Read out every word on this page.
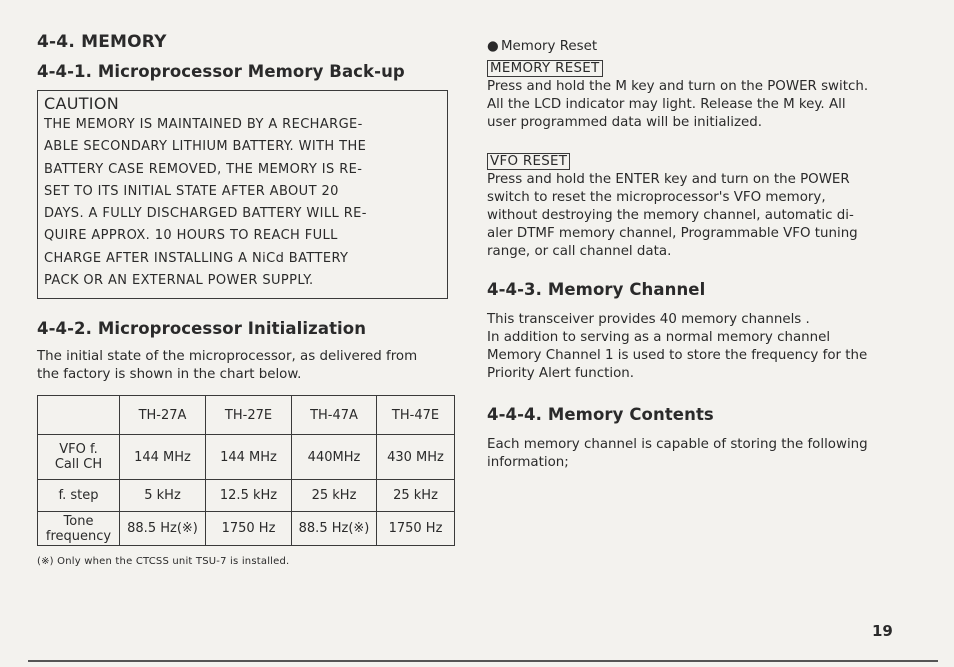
4-4. MEMORY
4-4-1. Microprocessor Memory Back-up
CAUTION
THE MEMORY IS MAINTAINED BY A RECHARGE-
ABLE SECONDARY LITHIUM BATTERY. WITH THE
BATTERY CASE REMOVED, THE MEMORY IS RE-
SET TO ITS INITIAL STATE AFTER ABOUT 20
DAYS. A FULLY DISCHARGED BATTERY WILL RE-
QUIRE APPROX. 10 HOURS TO REACH FULL
CHARGE AFTER INSTALLING A NiCd BATTERY
PACK OR AN EXTERNAL POWER SUPPLY.
4-4-2. Microprocessor Initialization
The initial state of the microprocessor, as delivered from
the factory is shown in the chart below.
	TH-27A	TH-27E	TH-47A	TH-47E
VFO f.
Call CH	144 MHz	144 MHz	440MHz	430 MHz
f. step	5 kHz	12.5 kHz	25 kHz	25 kHz
Tone
frequency	88.5 Hz(※)	1750 Hz	88.5 Hz(※)	1750 Hz
(※) Only when the CTCSS unit TSU-7 is installed.
● Memory Reset
MEMORY RESET
Press and hold the M key and turn on the POWER switch.
All the LCD indicator may light. Release the M key. All
user programmed data will be initialized.
VFO RESET
Press and hold the ENTER key and turn on the POWER
switch to reset the microprocessor's VFO memory,
without destroying the memory channel, automatic di-
aler DTMF memory channel, Programmable VFO tuning
range, or call channel data.
4-4-3. Memory Channel
This transceiver provides 40 memory channels .
In addition to serving as a normal memory channel
Memory Channel 1 is used to store the frequency for the
Priority Alert function.
4-4-4. Memory Contents
Each memory channel is capable of storing the following
information;
19
